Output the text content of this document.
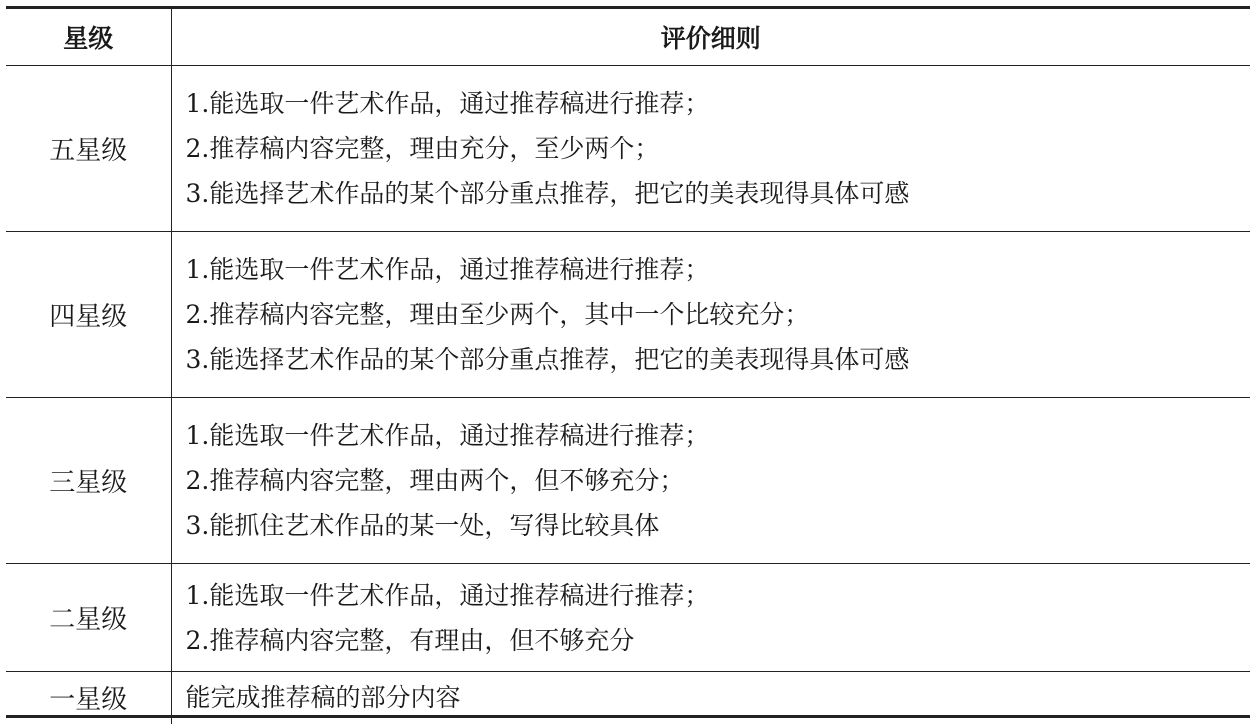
星级	评价细则
五星级	1.能选取一件艺术作品，通过推荐稿进行推荐；
2.推荐稿内容完整，理由充分，至少两个；
3.能选择艺术作品的某个部分重点推荐，把它的美表现得具体可感

四星级	1.能选取一件艺术作品，通过推荐稿进行推荐；
2.推荐稿内容完整，理由至少两个，其中一个比较充分；
3.能选择艺术作品的某个部分重点推荐，把它的美表现得具体可感

三星级	1.能选取一件艺术作品，通过推荐稿进行推荐；
2.推荐稿内容完整，理由两个，但不够充分；
3.能抓住艺术作品的某一处，写得比较具体

二星级	1.能选取一件艺术作品，通过推荐稿进行推荐；
2.推荐稿内容完整，有理由，但不够充分

一星级	能完成推荐稿的部分内容
